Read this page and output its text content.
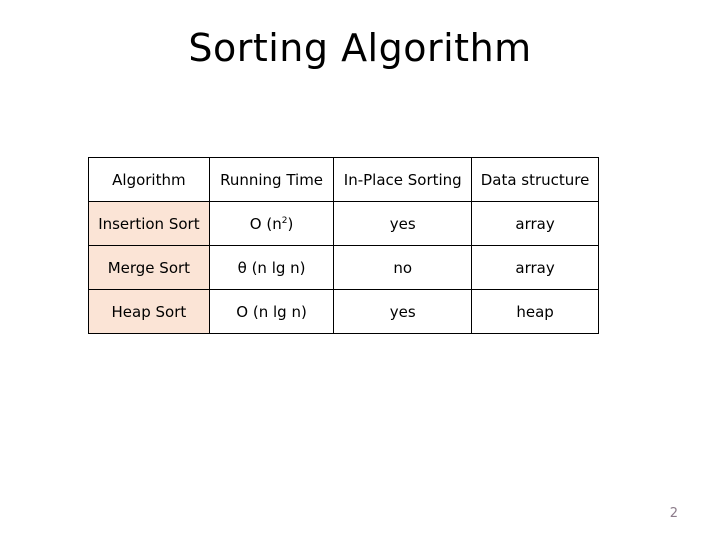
Sorting Algorithm
Algorithm	Running Time	In-Place Sorting	Data structure
Insertion Sort	O $(n^2)$	yes	array
Merge Sort	θ (n lg n)	no	array
Heap Sort	O (n lg n)	yes	heap
2
